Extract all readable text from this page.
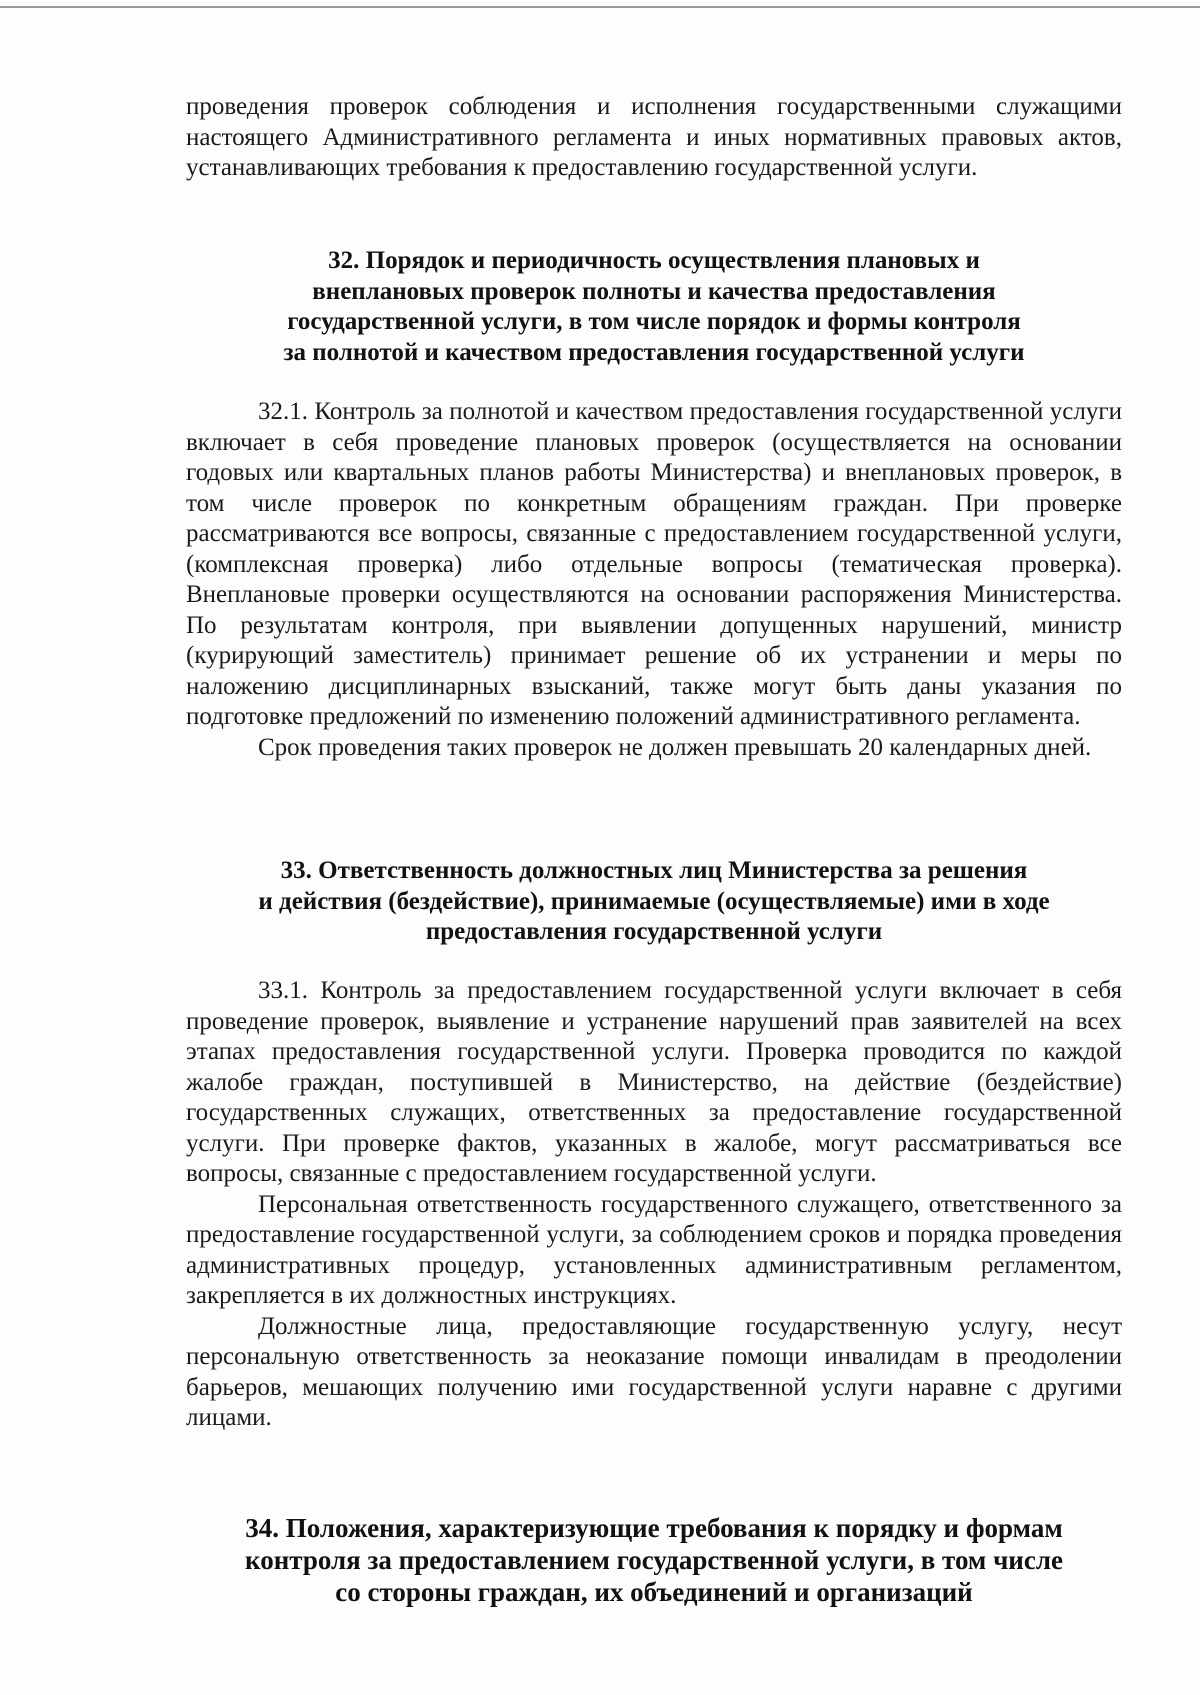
проведения проверок соблюдения и исполнения государственными служащими настоящего Административного регламента и иных нормативных правовых актов, устанавливающих требования к предоставлению государственной услуги.

32. Порядок и периодичность осуществления плановых и
внеплановых проверок полноты и качества предоставления
государственной услуги, в том числе порядок и формы контроля
за полнотой и качеством предоставления государственной услуги

32.1. Контроль за полнотой и качеством предоставления государственной услуги включает в себя проведение плановых проверок (осуществляется на основании годовых или квартальных планов работы Министерства) и внеплановых проверок, в том числе проверок по конкретным обращениям граждан. При проверке рассматриваются все вопросы, связанные с предоставлением государственной услуги, (комплексная проверка) либо отдельные вопросы (тематическая проверка). Внеплановые проверки осуществляются на основании распоряжения Министерства. По результатам контроля, при выявлении допущенных нарушений, министр (курирующий заместитель) принимает решение об их устранении и меры по наложению дисциплинарных взысканий, также могут быть даны указания по подготовке предложений по изменению положений административного регламента.

Срок проведения таких проверок не должен превышать 20 календарных дней.

33. Ответственность должностных лиц Министерства за решения
и действия (бездействие), принимаемые (осуществляемые) ими в ходе
предоставления государственной услуги

33.1. Контроль за предоставлением государственной услуги включает в себя проведение проверок, выявление и устранение нарушений прав заявителей на всех этапах предоставления государственной услуги. Проверка проводится по каждой жалобе граждан, поступившей в Министерство, на действие (бездействие) государственных служащих, ответственных за предоставление государственной услуги. При проверке фактов, указанных в жалобе, могут рассматриваться все вопросы, связанные с предоставлением государственной услуги.

Персональная ответственность государственного служащего, ответственного за предоставление государственной услуги, за соблюдением сроков и порядка проведения административных процедур, установленных административным регламентом, закрепляется в их должностных инструкциях.

Должностные лица, предоставляющие государственную услугу, несут персональную ответственность за неоказание помощи инвалидам в преодолении барьеров, мешающих получению ими государственной услуги наравне с другими лицами.

34. Положения, характеризующие требования к порядку и формам
контроля за предоставлением государственной услуги, в том числе
со стороны граждан, их объединений и организаций
